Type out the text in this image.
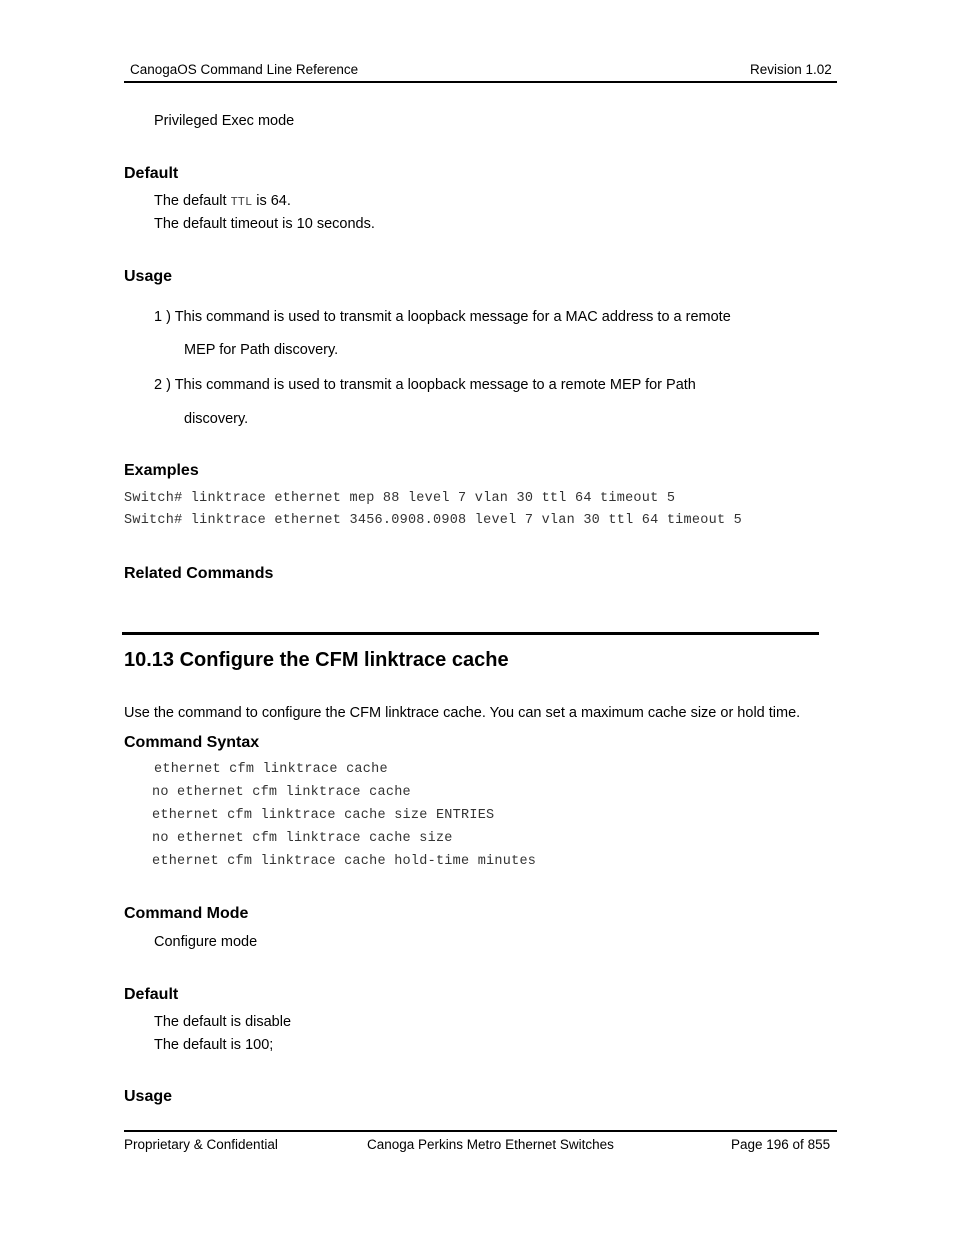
CanogaOS Command Line Reference	Revision 1.02
Privileged Exec mode
Default
The default TTL is 64.
The default timeout is 10 seconds.
Usage
1 ) This command is used to transmit a loopback message for a MAC address to a remote
MEP for Path discovery.
2 ) This command is used to transmit a loopback message to a remote MEP for Path
discovery.
Examples
Switch# linktrace ethernet mep 88 level 7 vlan 30 ttl 64 timeout 5
Switch# linktrace ethernet 3456.0908.0908 level 7 vlan 30 ttl 64 timeout 5
Related Commands
10.13 Configure the CFM linktrace cache
Use the command to configure the CFM linktrace cache. You can set a maximum cache size or hold time.
Command Syntax
ethernet cfm linktrace cache
no ethernet cfm linktrace cache
ethernet cfm linktrace cache size ENTRIES
no ethernet cfm linktrace cache size
ethernet cfm linktrace cache hold-time minutes
Command Mode
Configure mode
Default
The default is disable
The default is 100;
Usage
Proprietary & Confidential	Canoga Perkins Metro Ethernet Switches	Page 196 of 855
